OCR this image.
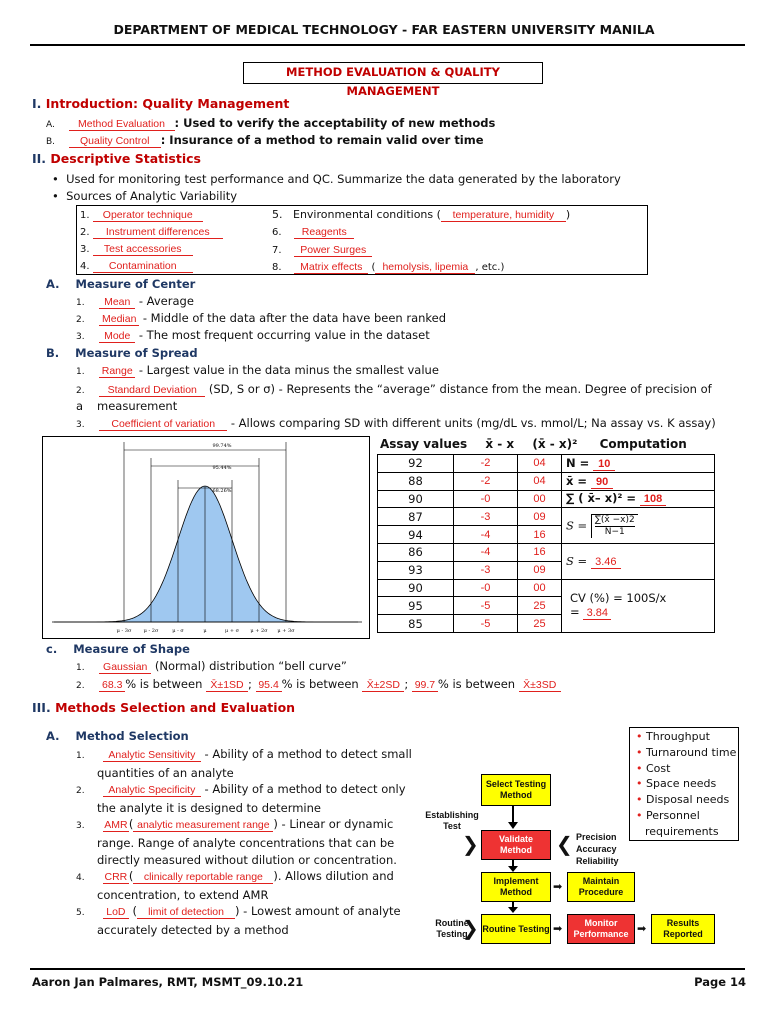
DEPARTMENT OF MEDICAL TECHNOLOGY - FAR EASTERN UNIVERSITY MANILA
METHOD EVALUATION & QUALITY MANAGEMENT
I. Introduction: Quality Management
A. Method Evaluation : Used to verify the acceptability of new methods
B. Quality Control : Insurance of a method to remain valid over time
II. Descriptive Statistics
•  Used for monitoring test performance and QC. Summarize the data generated by the laboratory
•  Sources of Analytic Variability
1. Operator technique
2. Instrument differences
3. Test accessories
4. Contamination
5. Environmental conditions ( temperature, humidity )
6. Reagents
7. Power Surges
8. Matrix effects ( hemolysis, lipemia , etc.)
A. Measure of Center
1. Mean - Average
2. Median - Middle of the data after the data have been ranked
3. Mode - The most frequent occurring value in the dataset
B. Measure of Spread
1. Range - Largest value in the data minus the smallest value
2. Standard Deviation (SD, S or σ) - Represents the “average” distance from the mean. Degree of precision of a	measurement
3.	Coefficient of variation - Allows comparing SD with different units (mg/dL vs. mmol/L; Na assay vs. K assay)
99.74%
95.44%
68.26%
μ - 3σ μ - 2σ	μ - σ	μ	μ + σ μ + 2σ μ + 3σ
Assay values x̄ - x (x̄ - x)² Computation
92	-2	04	N = 10
88	-2	04	x̄ = 90
90	-0	00	∑ ( x̄– x)² = 108
87	-3	09	$S = \frac{\sum(x̄ -x)2}{N-1}$

94	-4	16	
86	-4	16	S = 3.46
93	-3	09	
90	-0	00	CV (%) = 100S/x
= 3.84

95	-5	25	
85	-5	25	
c. Measure of Shape
1. Gaussian (Normal) distribution “bell curve”
2. 68.3 % is between X̄±1SD ; 95.4 % is between X̄±2SD ; 99.7 % is between X̄±3SD
III. Methods Selection and Evaluation
A. Method Selection
1. Analytic Sensitivity - Ability of a method to detect small
quantities of an analyte
2. Analytic Specificity - Ability of a method to detect only
the analyte it is designed to determine
3. AMR( analytic measurement range ) - Linear or dynamic
range. Range of analyte concentrations that can be
directly measured without dilution or concentration.
4. CRR ( clinically reportable range ). Allows dilution and
concentration, to extend AMR
5. LoD ( limit of detection ) - Lowest amount of analyte
accurately detected by a method
• Throughput
• Turnaround time
• Cost
• Space needs
• Disposal needs
• Personnel
requirements
Select Testing Method
Establishing Test
❯	Validate Method	❮ Precision
Accuracy
Reliability
Implement Method	➡	Maintain Procedure
Routine Testing
❯ Routine Testing ➡	Monitor Performance ➡	Results Reported
Aaron Jan Palmares, RMT, MSMT_09.10.21	Page 14
